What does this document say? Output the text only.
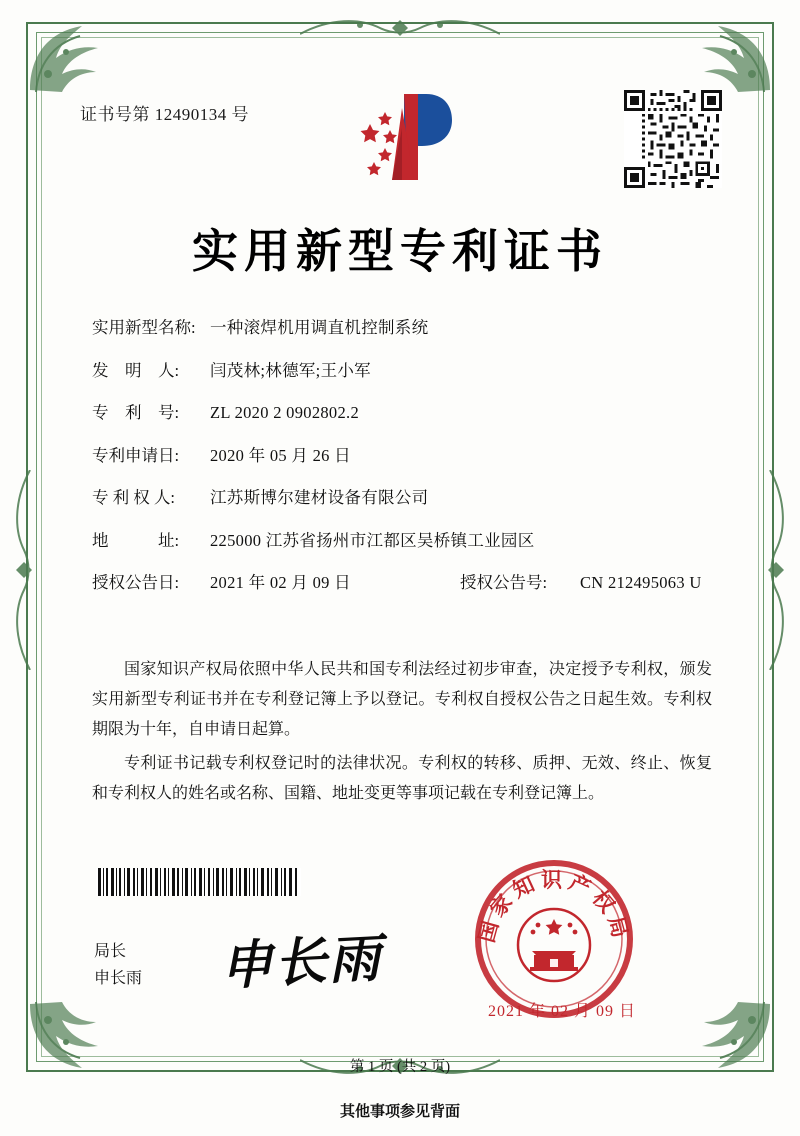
证书号第 12490134 号
实用新型专利证书
实用新型名称: 一种滚焊机用调直机控制系统
发　明　人:	闫茂林;林德军;王小军
专　利　号:	ZL 2020 2 0902802.2
专利申请日:	2020 年 05 月 26 日
专 利 权 人:	江苏斯博尔建材设备有限公司
地　　　址:	225000 江苏省扬州市江都区吴桥镇工业园区
授权公告日:	2021 年 02 月 09 日	授权公告号:	CN 212495063 U

国家知识产权局依照中华人民共和国专利法经过初步审查，决定授予专利权，颁发实用新型专利证书并在专利登记簿上予以登记。专利权自授权公告之日起生效。专利权期限为十年，自申请日起算。

专利证书记载专利权登记时的法律状况。专利权的转移、质押、无效、终止、恢复和专利权人的姓名或名称、国籍、地址变更等事项记载在专利登记簿上。

局长
申长雨 申长雨	国家知识产权局
2021 年 02 月 09 日
第 1 页 (共 2 页)
其他事项参见背面
